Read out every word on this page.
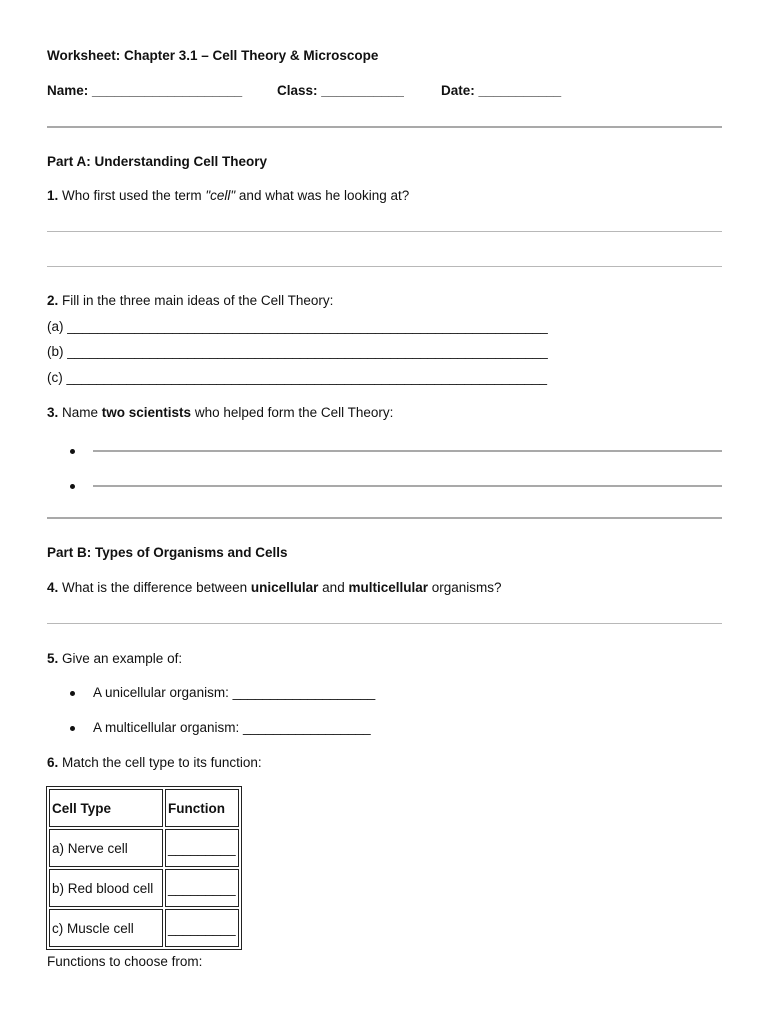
Worksheet: Chapter 3.1 – Cell Theory & Microscope
Name: ____________________	Class: ___________	Date: ___________
Part A: Understanding Cell Theory
1. Who first used the term "cell" and what was he looking at?
2. Fill in the three main ideas of the Cell Theory:
(a) ________________________________________________________________
(b) ________________________________________________________________
(c) ________________________________________________________________
3. Name two scientists who helped form the Cell Theory:
Part B: Types of Organisms and Cells
4. What is the difference between unicellular and multicellular organisms?
5. Give an example of:
A unicellular organism: ___________________
A multicellular organism: _________________
6. Match the cell type to its function:
Cell Type	Function
a) Nerve cell	_________
b) Red blood cell	_________
c) Muscle cell	_________
Functions to choose from:
